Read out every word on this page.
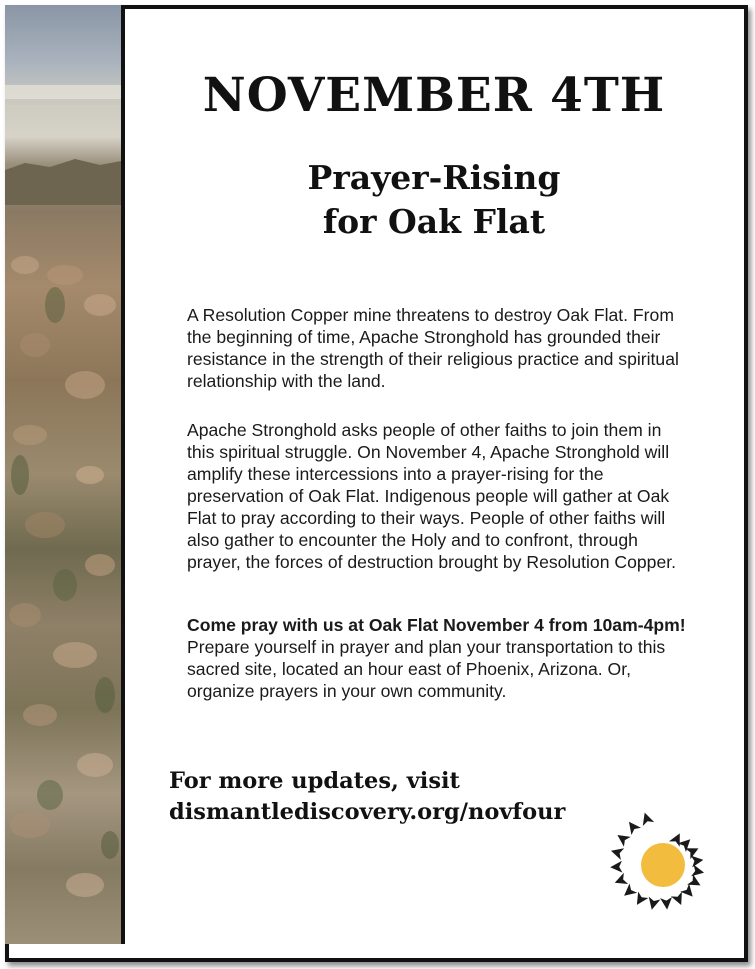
NOVEMBER 4TH
Prayer-Rising
for Oak Flat

A Resolution Copper mine threatens to destroy Oak Flat. From the beginning of time, Apache Stronghold has grounded their resistance in the strength of their religious practice and spiritual relationship with the land.

Apache Stronghold asks people of other faiths to join them in this spiritual struggle. On November 4, Apache Stronghold will amplify these intercessions into a prayer-rising for the preservation of Oak Flat. Indigenous people will gather at Oak Flat to pray according to their ways. People of other faiths will also gather to encounter the Holy and to confront, through prayer, the forces of destruction brought by Resolution Copper.

Come pray with us at Oak Flat November 4 from 10am-4pm! Prepare yourself in prayer and plan your transportation to this sacred site, located an hour east of Phoenix, Arizona. Or, organize prayers in your own community.

For more updates, visit
dismantlediscovery.org/novfour
